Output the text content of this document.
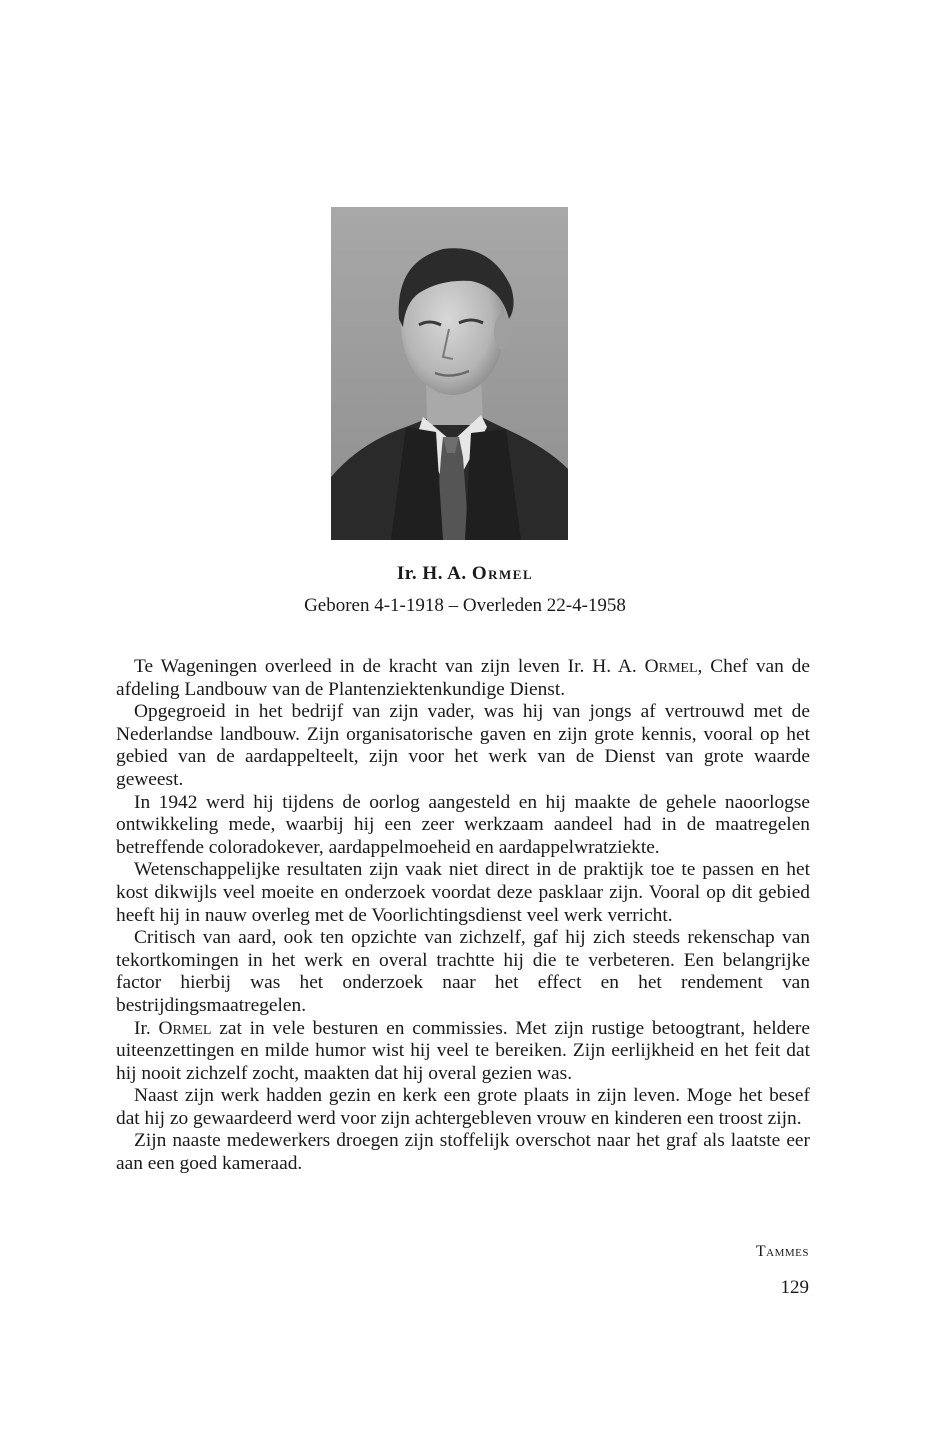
Ir. H. A. Ormel
Geboren 4-1-1918 – Overleden 22-4-1958

Te Wageningen overleed in de kracht van zijn leven Ir. H. A. Ormel, Chef van de afdeling Landbouw van de Plantenziektenkundige Dienst.

Opgegroeid in het bedrijf van zijn vader, was hij van jongs af vertrouwd met de Nederlandse landbouw. Zijn organisatorische gaven en zijn grote kennis, vooral op het gebied van de aardappelteelt, zijn voor het werk van de Dienst van grote waarde geweest.

In 1942 werd hij tijdens de oorlog aangesteld en hij maakte de gehele naoorlogse ontwikkeling mede, waarbij hij een zeer werkzaam aandeel had in de maatregelen betreffende coloradokever, aardappelmoeheid en aardappelwratziekte.

Wetenschappelijke resultaten zijn vaak niet direct in de praktijk toe te passen en het kost dikwijls veel moeite en onderzoek voordat deze pasklaar zijn. Vooral op dit gebied heeft hij in nauw overleg met de Voorlichtingsdienst veel werk verricht.

Critisch van aard, ook ten opzichte van zichzelf, gaf hij zich steeds rekenschap van tekortkomingen in het werk en overal trachtte hij die te verbeteren. Een belangrijke factor hierbij was het onderzoek naar het effect en het rendement van bestrijdingsmaatregelen.

Ir. Ormel zat in vele besturen en commissies. Met zijn rustige betoogtrant, heldere uiteenzettingen en milde humor wist hij veel te bereiken. Zijn eerlijkheid en het feit dat hij nooit zichzelf zocht, maakten dat hij overal gezien was.

Naast zijn werk hadden gezin en kerk een grote plaats in zijn leven. Moge het besef dat hij zo gewaardeerd werd voor zijn achtergebleven vrouw en kinderen een troost zijn.

Zijn naaste medewerkers droegen zijn stoffelijk overschot naar het graf als laatste eer aan een goed kameraad.

Tammes
129
